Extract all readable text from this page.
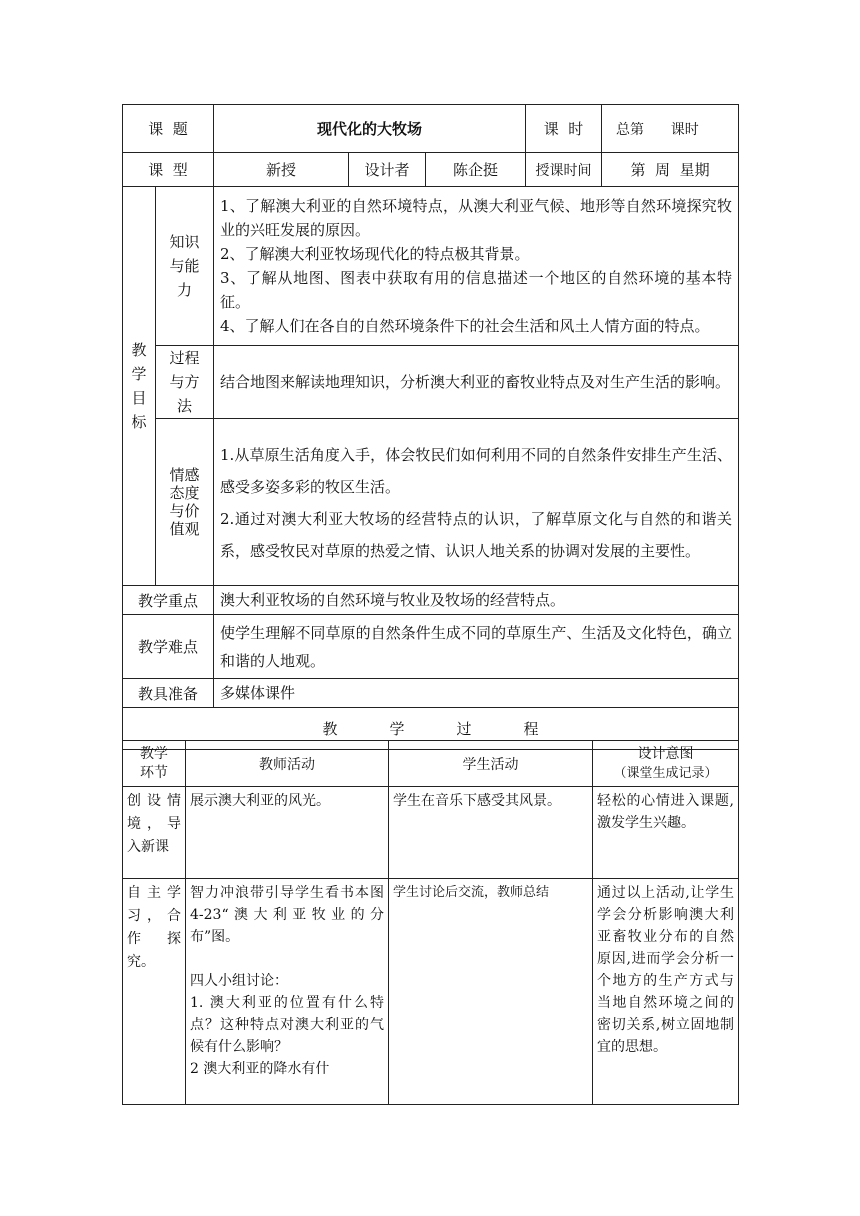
课  题		现代化的大牧场			课  时	总第      课时
课  型		新授	设计者	陈企挺	授课时间	第  周  星期

教学目标	知识与能力	1、了解澳大利亚的自然环境特点，从澳大利亚气候、地形等自然环境探究牧业的兴旺发展的原因。
2、了解澳大利亚牧场现代化的特点极其背景。
3、了解从地图、图表中获取有用的信息描述一个地区的自然环境的基本特征。
4、了解人们在各自的自然环境条件下的社会生活和风土人情方面的特点。				

	过程与方法	结合地图来解读地理知识，分析澳大利亚的畜牧业特点及对生产生活的影响。				

	情感态度与价值观	1.从草原生活角度入手，体会牧民们如何利用不同的自然条件安排生产生活、感受多姿多彩的牧区生活。
2.通过对澳大利亚大牧场的经营特点的认识，了解草原文化与自然的和谐关系，感受牧民对草原的热爱之情、认识人地关系的协调对发展的主要性。				

教学重点		澳大利亚牧场的自然环境与牧业及牧场的经营特点。				
教学难点		使学生理解不同草原的自然条件生成不同的草原生产、生活及文化特色，确立和谐的人地观。				
教具准备		多媒体课件				
教学过程						
教学环节	教师活动	学生活动	设计意图
（课堂生成记录）

创设情境，导入新课	展示澳大利亚的风光。	学生在音乐下感受其风景。	轻松的心情进入课题,激发学生兴趣。
自主学习，合作探究。	智力冲浪带引导学生看书本图4-23“澳大利亚牧业的分布”图。
四人小组讨论：
1. 澳大利亚的位置有什么特点？这种特点对澳大利亚的气候有什么影响？
2 澳大利亚的降水有什	学生讨论后交流，教师总结	通过以上活动,让学生学会分析影响澳大利亚畜牧业分布的自然原因,进而学会分析一个地方的生产方式与当地自然环境之间的密切关系,树立固地制宜的思想。
